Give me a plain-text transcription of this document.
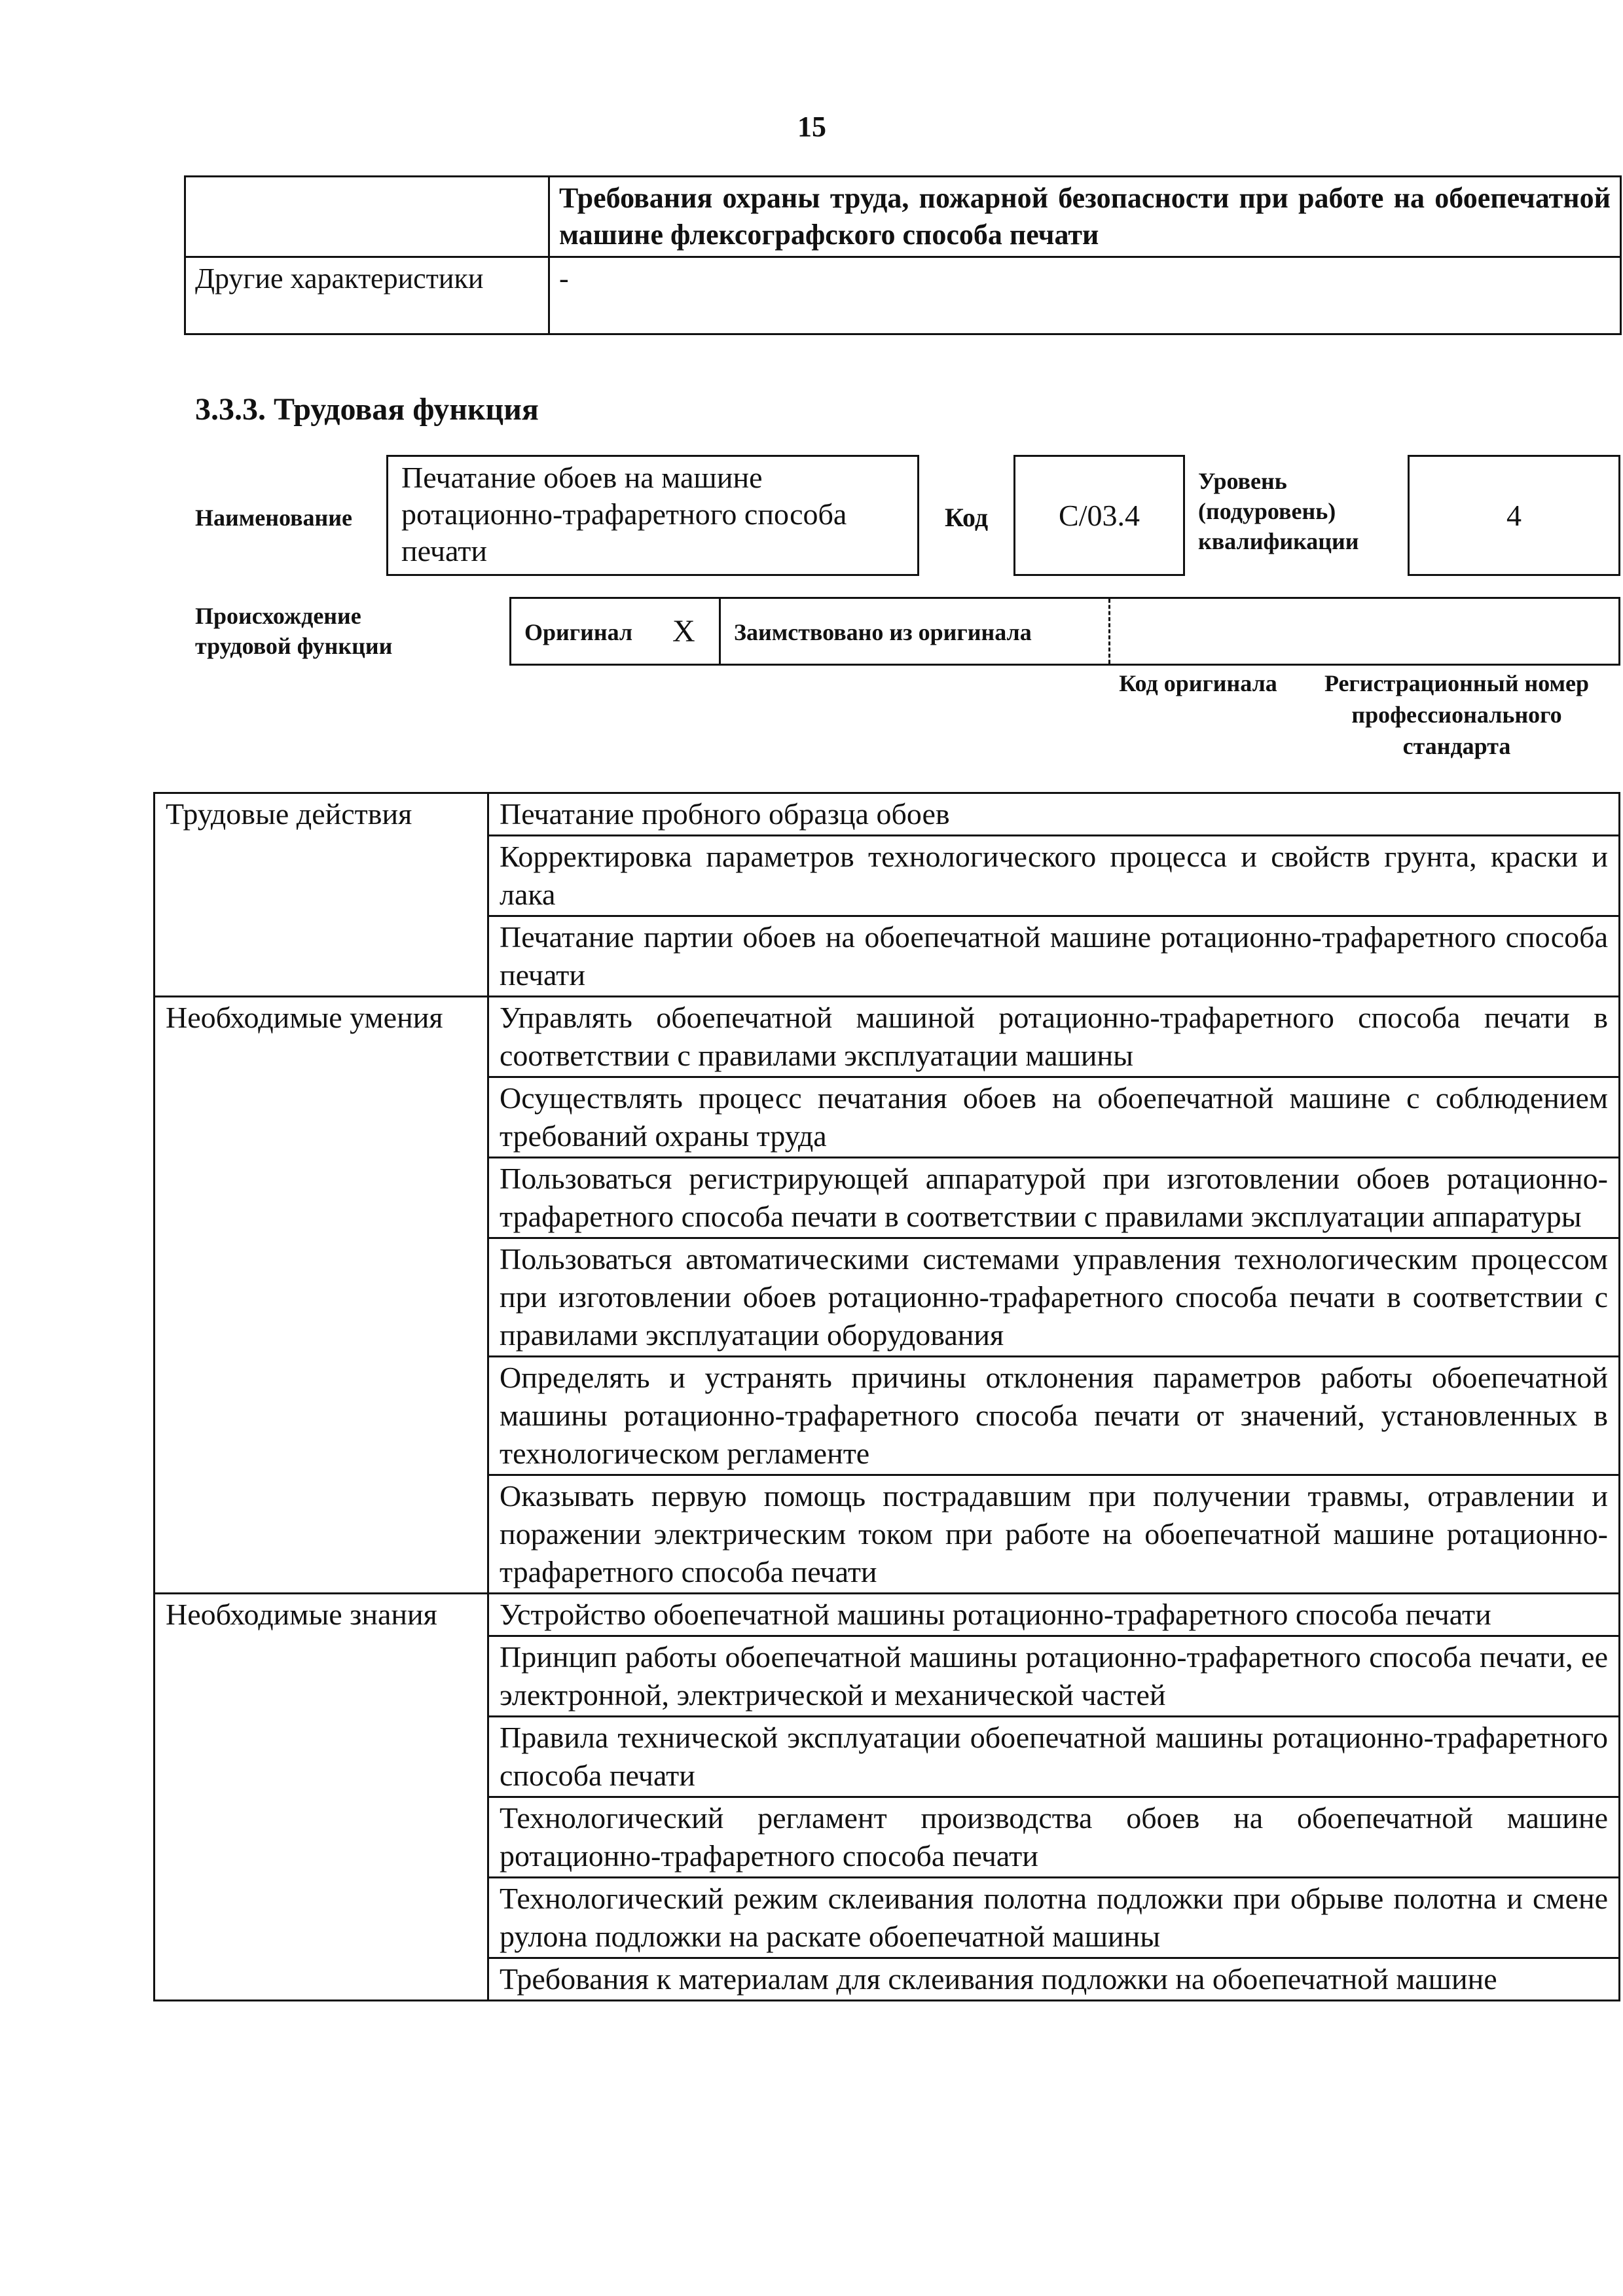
15
	Требования охраны труда, пожарной безопасности при работе на обоепечатной машине флексографского способа печати
Другие характеристики	-
3.3.3. Трудовая функция
Наименование
Печатание обоев на машине ротационно-трафаретного способа печати
Код	С/03.4
Уровень (подуровень) квалификации
4
Происхождение трудовой функции
Оригинал X Заимствовано из оригинала
Код оригинала	Регистрационный номер профессионального стандарта
Трудовые действия	Печатание пробного образца обоев
	Корректировка параметров технологического процесса и свойств грунта, краски и лака
	Печатание партии обоев на обоепечатной машине ротационно-трафаретного способа печати
Необходимые умения	Управлять обоепечатной машиной ротационно-трафаретного способа печати в соответствии с правилами эксплуатации машины
	Осуществлять процесс печатания обоев на обоепечатной машине с соблюдением требований охраны труда
	Пользоваться регистрирующей аппаратурой при изготовлении обоев ротационно-трафаретного способа печати в соответствии с правилами эксплуатации аппаратуры
	Пользоваться автоматическими системами управления технологическим процессом при изготовлении обоев ротационно-трафаретного способа печати в соответствии с правилами эксплуатации оборудования
	Определять и устранять причины отклонения параметров работы обоепечатной машины ротационно-трафаретного способа печати от значений, установленных в технологическом регламенте
	Оказывать первую помощь пострадавшим при получении травмы, отравлении и поражении электрическим током при работе на обоепечатной машине ротационно-трафаретного способа печати
Необходимые знания	Устройство обоепечатной машины ротационно-трафаретного способа печати
	Принцип работы обоепечатной машины ротационно-трафаретного способа печати, ее электронной, электрической и механической частей
	Правила технической эксплуатации обоепечатной машины ротационно-трафаретного способа печати
	Технологический регламент производства обоев на обоепечатной машине ротационно-трафаретного способа печати
	Технологический режим склеивания полотна подложки при обрыве полотна и смене рулона подложки на раскате обоепечатной машины
	Требования к материалам для склеивания подложки на обоепечатной машине
